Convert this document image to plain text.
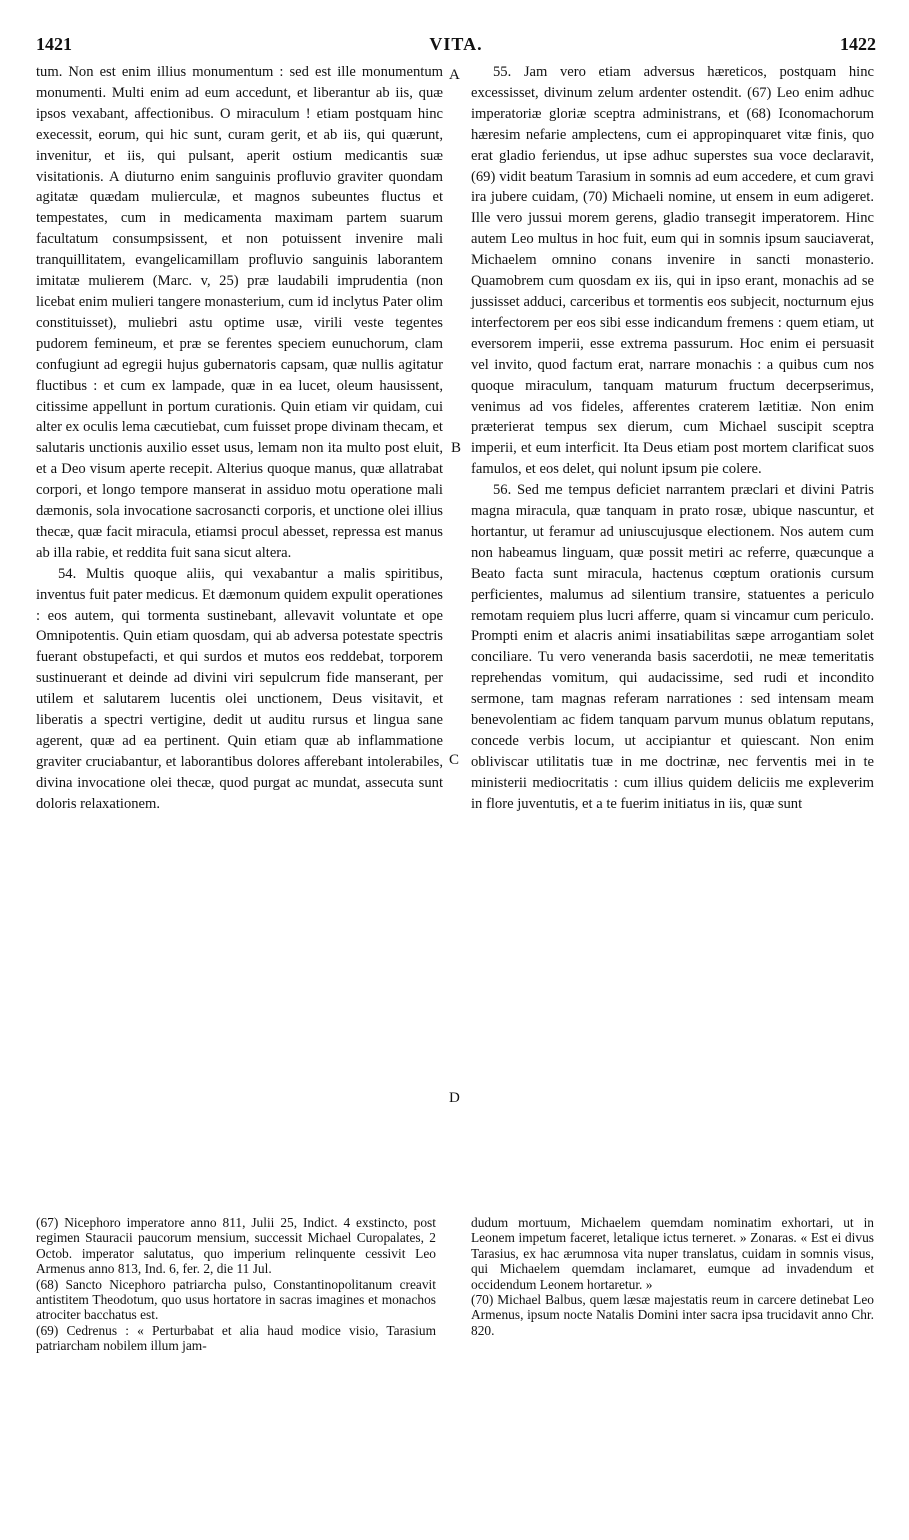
1421	VITA.	1422

tum. Non est enim illius monumentum : sed est ille monumentum monumenti. Multi enim ad eum accedunt, et liberantur ab iis, quæ ipsos vexabant, affectionibus. O miraculum ! etiam postquam hinc execessit, eorum, qui hic sunt, curam gerit, et ab iis, qui quærunt, invenitur, et iis, qui pulsant, aperit ostium medicantis suæ visitationis. A diuturno enim sanguinis profluvio graviter quondam agitatæ quædam mulierculæ, et magnos subeuntes fluctus et tempestates, cum in medicamenta maximam partem suarum facultatum consumpsissent, et non potuissent invenire mali tranquillitatem, evangelicamillam profluvio sanguinis laborantem imitatæ mulierem (Marc. v, 25) præ laudabili imprudentia (non licebat enim mulieri tangere monasterium, cum id inclytus Pater olim constituisset), muliebri astu optime usæ, virili veste tegentes pudorem femineum, et præ se ferentes speciem eunuchorum, clam confugiunt ad egregii hujus gubernatoris capsam, quæ nullis agitatur fluctibus : et cum ex lampade, quæ in ea lucet, oleum hausissent, citissime appellunt in portum curationis. Quin etiam vir quidam, cui alter ex oculis lema cæcutiebat, cum fuisset prope divinam thecam, et salutaris unctionis auxilio esset usus, lemam non ita multo post eluit, et a Deo visum aperte recepit. Alterius quoque manus, quæ allatrabat corpori, et longo tempore manserat in assiduo motu operatione mali dæmonis, sola invocatione sacrosancti corporis, et unctione olei illius thecæ, quæ facit miracula, etiamsi procul abesset, repressa est manus ab illa rabie, et reddita fuit sana sicut altera.

54. Multis quoque aliis, qui vexabantur a malis spiritibus, inventus fuit pater medicus. Et dæmonum quidem expulit operationes : eos autem, qui tormenta sustinebant, allevavit voluntate et ope Omnipotentis. Quin etiam quosdam, qui ab adversa potestate spectris fuerant obstupefacti, et qui surdos et mutos eos reddebat, torporem sustinuerant et deinde ad divini viri sepulcrum fide manserant, per utilem et salutarem lucentis olei unctionem, Deus visitavit, et liberatis a spectri vertigine, dedit ut auditu rursus et lingua sane agerent, quæ ad ea pertinent. Quin etiam quæ ab inflammatione graviter cruciabantur, et laborantibus dolores afferebant intolerabiles, divina invocatione olei thecæ, quod purgat ac mundat, assecuta sunt doloris relaxationem.

A
B
C
D

55. Jam vero etiam adversus hæreticos, postquam hinc excessisset, divinum zelum ardenter ostendit. (67) Leo enim adhuc imperatoriæ gloriæ sceptra administrans, et (68) Iconomachorum hæresim nefarie amplectens, cum ei appropinquaret vitæ finis, quo erat gladio feriendus, ut ipse adhuc superstes sua voce declaravit, (69) vidit beatum Tarasium in somnis ad eum accedere, et cum gravi ira jubere cuidam, (70) Michaeli nomine, ut ensem in eum adigeret. Ille vero jussui morem gerens, gladio transegit imperatorem. Hinc autem Leo multus in hoc fuit, eum qui in somnis ipsum sauciaverat, Michaelem omnino conans invenire in sancti monasterio. Quamobrem cum quosdam ex iis, qui in ipso erant, monachis ad se jussisset adduci, carceribus et tormentis eos subjecit, nocturnum ejus interfectorem per eos sibi esse indicandum fremens : quem etiam, ut eversorem imperii, esse extrema passurum. Hoc enim ei persuasit vel invito, quod factum erat, narrare monachis : a quibus cum nos quoque miraculum, tanquam maturum fructum decerpserimus, venimus ad vos fideles, afferentes craterem lætitiæ. Non enim præterierat tempus sex dierum, cum Michael suscipit sceptra imperii, et eum interficit. Ita Deus etiam post mortem clarificat suos famulos, et eos delet, qui nolunt ipsum pie colere.

56. Sed me tempus deficiet narrantem præclari et divini Patris magna miracula, quæ tanquam in prato rosæ, ubique nascuntur, et hortantur, ut feramur ad uniuscujusque electionem. Nos autem cum non habeamus linguam, quæ possit metiri ac referre, quæcunque a Beato facta sunt miracula, hactenus cœptum orationis cursum perficientes, malumus ad silentium transire, statuentes a periculo remotam requiem plus lucri afferre, quam si vincamur cum periculo. Prompti enim et alacris animi insatiabilitas sæpe arrogantiam solet conciliare. Tu vero veneranda basis sacerdotii, ne meæ temeritatis reprehendas vomitum, qui audacissime, sed rudi et incondito sermone, tam magnas referam narrationes : sed intensam meam benevolentiam ac fidem tanquam parvum munus oblatum reputans, concede verbis locum, ut accipiantur et quiescant. Non enim obliviscar utilitatis tuæ in me doctrinæ, nec ferventis mei in te ministerii mediocritatis : cum illius quidem deliciis me expleverim in flore juventutis, et a te fuerim initiatus in iis, quæ sunt

(67) Nicephoro imperatore anno 811, Julii 25, Indict. 4 exstincto, post regimen Stauracii paucorum mensium, successit Michael Curopalates, 2 Octob. imperator salutatus, quo imperium relinquente cessivit Leo Armenus anno 813, Ind. 6, fer. 2, die 11 Jul.

(68) Sancto Nicephoro patriarcha pulso, Constantinopolitanum creavit antistitem Theodotum, quo usus hortatore in sacras imagines et monachos atrociter bacchatus est.

(69) Cedrenus : « Perturbabat et alia haud modice visio, Tarasium patriarcham nobilem illum jam-

dudum mortuum, Michaelem quemdam nominatim exhortari, ut in Leonem impetum faceret, letalique ictus terneret. » Zonaras. « Est ei divus Tarasius, ex hac ærumnosa vita nuper translatus, cuidam in somnis visus, qui Michaelem quemdam inclamaret, eumque ad invadendum et occidendum Leonem hortaretur. »

(70) Michael Balbus, quem læsæ majestatis reum in carcere detinebat Leo Armenus, ipsum nocte Natalis Domini inter sacra ipsa trucidavit anno Chr. 820.
